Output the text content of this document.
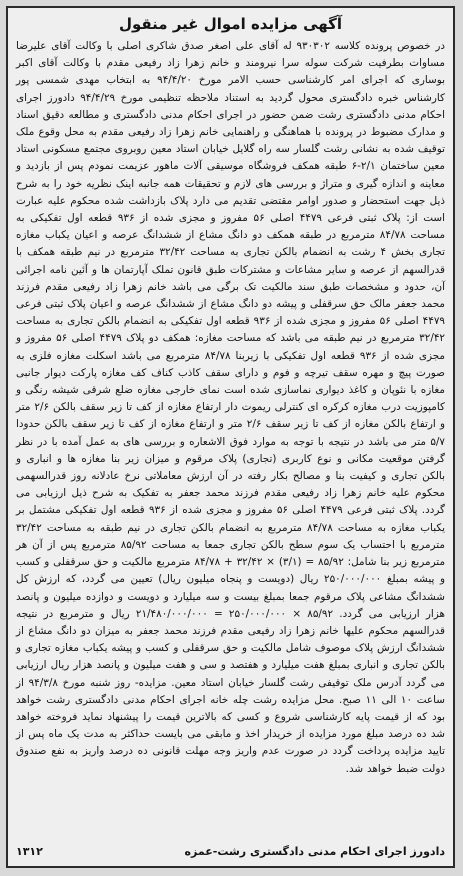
آگهی مزایده اموال غیر منقول

در خصوص پرونده کلاسه ۹۳۰۳۰۲ له آقای علی اصغر صدق شاکری اصلی با وکالت آقای علیرضا مساوات بطرفیت شرکت سوله سرا نیرومند و خانم زهرا زاد رفیعی مقدم با وکالت آقای اکبر بوساری که اجرای امر کارشناسی حسب الامر مورخ ۹۴/۴/۲۰ به ابتخاب مهدی شمسی پور کارشناس خبره دادگستری محول گردید به استناد ملاحظه تنظیمی مورخ ۹۴/۴/۲۹ دادورز اجرای احکام مدنی دادگستری رشت ضمن حضور در اجرای احکام مدنی دادگستری و مطالعه دقیق اسناد و مدارک مضبوط در پرونده با هماهنگی و راهنمایی خانم زهرا زاد رفیعی مقدم به محل وقوع ملک توقیف شده به نشانی رشت گلسار سه راه گلایل خیابان استاد معین روبروی مجتمع مسکونی استاد معین ساختمان ۲/۱-۶ طبقه همکف فروشگاه موسیقی آلات ماهور عزیمت نمودم پس از بازدید و معاینه و اندازه گیری و متراژ و بررسی های لازم و تحقیقات همه جانبه اینک نظریه خود را به شرح ذیل جهت استحضار و صدور اوامر مقتضی تقدیم می دارد پلاک بازداشت شده محکوم علیه عبارت است از: پلاک ثبتی فرعی ۴۴۷۹ اصلی ۵۶ مفروز و مجزی شده از ۹۳۶ قطعه اول تفکیکی به مساحت ۸۴/۷۸ مترمربع در طبقه همکف دو دانگ مشاع از ششدانگ عرصه و اعیان یکباب مغازه تجاری بخش ۴ رشت به انضمام بالکن تجاری به مساحت ۳۲/۴۲ مترمربع در نیم طبقه همکف با قدرالسهم از عرصه و سایر مشاعات و مشترکات طبق قانون تملک آپارتمان ها و آئین نامه اجرائی آن، حدود و مشخصات طبق سند مالکیت تک برگی می باشد خانم زهرا زاد رفیعی مقدم فرزند محمد جعفر مالک حق سرقفلی و پیشه دو دانگ مشاع از ششدانگ عرصه و اعیان پلاک ثبتی فرعی ۴۴۷۹ اصلی ۵۶ مفروز و مجزی شده از ۹۳۶ قطعه اول تفکیکی به انضمام بالکن تجاری به مساحت ۳۲/۴۲ مترمربع در نیم طبقه می باشد که مساحت مغازه: همکف دو پلاک ۴۴۷۹ اصلی ۵۶ مفروز و مجزی شده از ۹۳۶ قطعه اول تفکیکی با زیربنا ۸۴/۷۸ مترمربع می باشد اسکلت مغازه فلزی به صورت پیچ و مهره سقف تیرچه و فوم و دارای سقف کاذب کناف کف مغازه پارکت دیوار جانبی مغازه با نئوپان و کاغذ دیواری نماسازی شده است نمای خارجی مغازه ضلع شرقی شیشه رنگی و کامپوزیت درب مغازه کرکره ای کنترلی ریموت دار ارتفاع مغازه از کف تا زیر سقف بالکن ۲/۶ متر و ارتفاع بالکن مغازه از کف تا زیر سقف ۲/۶ متر و ارتفاع مغازه از کف تا زیر سقف بالکن حدودا ۵/۷ متر می باشد در نتیجه با توجه به موارد فوق الاشعاره و بررسی های به عمل آمده با در نظر گرفتن موقعیت مکانی و نوع کاربری (تجاری) پلاک مرقوم و میزان زیر بنا مغازه ها و انباری و بالکن تجاری و کیفیت بنا و مصالح بکار رفته در آن ارزش معاملاتی نرخ عادلانه روز قدرالسهمی محکوم علیه خانم زهرا زاد رفیعی مقدم فرزند محمد جعفر به تفکیک به شرح ذیل ارزیابی می گردد. پلاک ثبتی فرعی ۴۴۷۹ اصلی ۵۶ مفروز و مجزی شده از ۹۳۶ قطعه اول تفکیکی مشتمل بر یکباب مغازه به مساحت ۸۴/۷۸ مترمربع به انضمام بالکن تجاری در نیم طبقه به مساحت ۳۲/۴۲ مترمربع با احتساب یک سوم سطح بالکن تجاری جمعا به مساحت ۸۵/۹۲ مترمربع پس از آن هر مترمربع زیر بنا شامل: ۸۵/۹۲ = (۳/۱) × ۳۲/۴۲ + ۸۴/۷۸ مترمربع مالکیت و حق سرقفلی و کسب و پیشه بمبلغ ۲۵۰/۰۰۰/۰۰۰ ریال (دویست و پنجاه میلیون ریال) تعیین می گردد، که ارزش کل ششدانگ مشاعی پلاک مرقوم جمعا بمبلغ بیست و سه میلیارد و دویست و دوازده میلیون و پانصد هزار ارزیابی می گردد. ۸۵/۹۲ × ۲۵۰/۰۰۰/۰۰۰ = ۲۱/۴۸۰/۰۰۰/۰۰۰ ریال و مترمربع در نتیجه قدرالسهم محکوم علیها خانم زهرا زاد رفیعی مقدم فرزند محمد جعفر به میزان دو دانگ مشاع از ششدانگ ارزش پلاک موصوف شامل مالکیت و حق سرقفلی و کسب و پیشه یکباب مغازه تجاری و بالکن تجاری و انباری بمبلغ هفت میلیارد و هفتصد و سی و هفت میلیون و پانصد هزار ریال ارزیابی می گردد آدرس ملک توقیفی رشت گلسار خیابان استاد معین. مزایده- روز شنبه مورخ ۹۴/۳/۸ از ساعت ۱۰ الی ۱۱ صبح. محل مزایده رشت چله خانه اجرای احکام مدنی دادگستری رشت خواهد بود که از قیمت پایه کارشناسی شروع و کسی که بالاترین قیمت را پیشنهاد نماید فروخته خواهد شد ده درصد مبلغ مورد مزایده از خریدار اخذ و مابقی می بایست حداکثر به مدت یک ماه پس از تایید مزایده پرداخت گردد در صورت عدم واریز وجه مهلت قانونی ده درصد واریز به نفع صندوق دولت ضبط خواهد شد.

دادورز اجرای احکام مدنی دادگستری رشت-عمزه
۱۳۱۲
